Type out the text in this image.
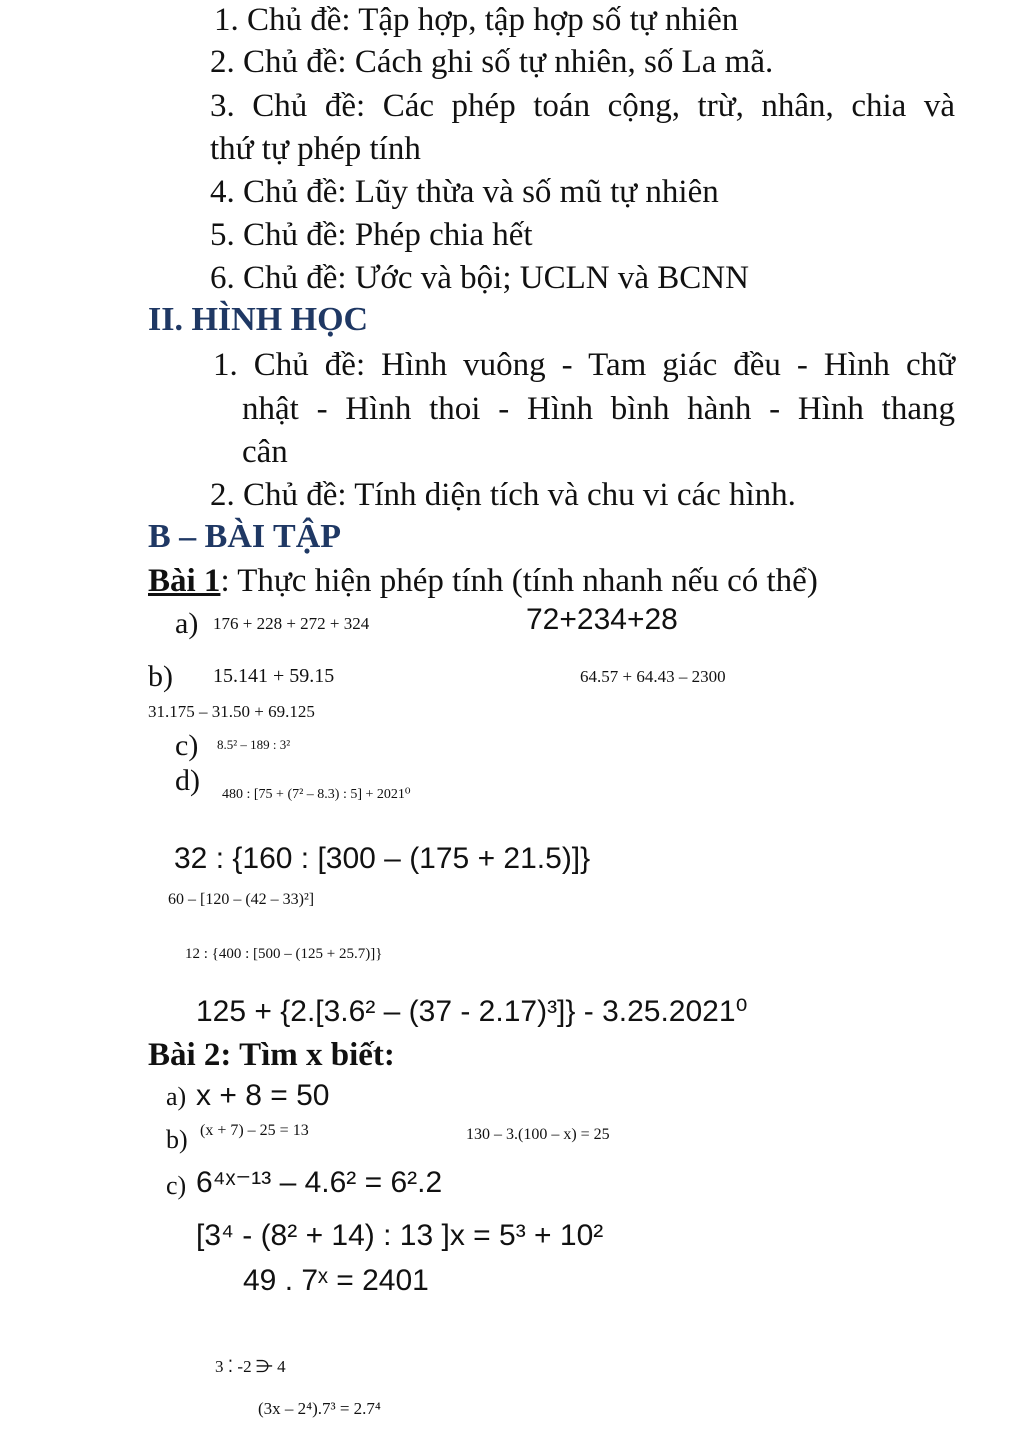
1. Chủ đề: Tập hợp, tập hợp số tự nhiên
2. Chủ đề: Cách ghi số tự nhiên, số La mã.
3. Chủ đề: Các phép toán cộng, trừ, nhân, chia và
thứ tự phép tính
4. Chủ đề: Lũy thừa và số mũ tự nhiên
5. Chủ đề: Phép chia hết
6. Chủ đề: Ước và bội; UCLN và BCNN
II. HÌNH HỌC
1. Chủ đề: Hình vuông - Tam giác đều - Hình chữ
nhật - Hình thoi - Hình bình hành - Hình thang
cân
2. Chủ đề: Tính diện tích và chu vi các hình.
B – BÀI TẬP
Bài 1: Thực hiện phép tính (tính nhanh nếu có thể)
a) 176 + 228 + 272 + 324	72+234+28
b) 15.141 + 59.15	64.57 + 64.43 – 2300
31.175 – 31.50 + 69.125
c) 8.5² – 189 : 3²
d) 480 : [75 + (7² – 8.3) : 5] + 2021⁰
32 : {160 : [300 – (175 + 21.5)]}
60 – [120 – (42 – 33)²]
12 : {400 : [500 – (125 + 25.7)]}
125 + {2.[3.6² – (37 - 2.17)³]} - 3.25.2021⁰
Bài 2: Tìm x biết:
a) x + 8 = 50
b) (x + 7) – 25 = 13	130 – 3.(100 – x) = 25
c) 6⁴ˣ⁻¹³ – 4.6² = 6².2
[3⁴ - (8² + 14) : 13 ]x = 5³ + 10²
49 . 7ˣ = 2401
3 ⁚ -2 ⋺ 4
(3x – 2⁴).7³ = 2.7⁴
